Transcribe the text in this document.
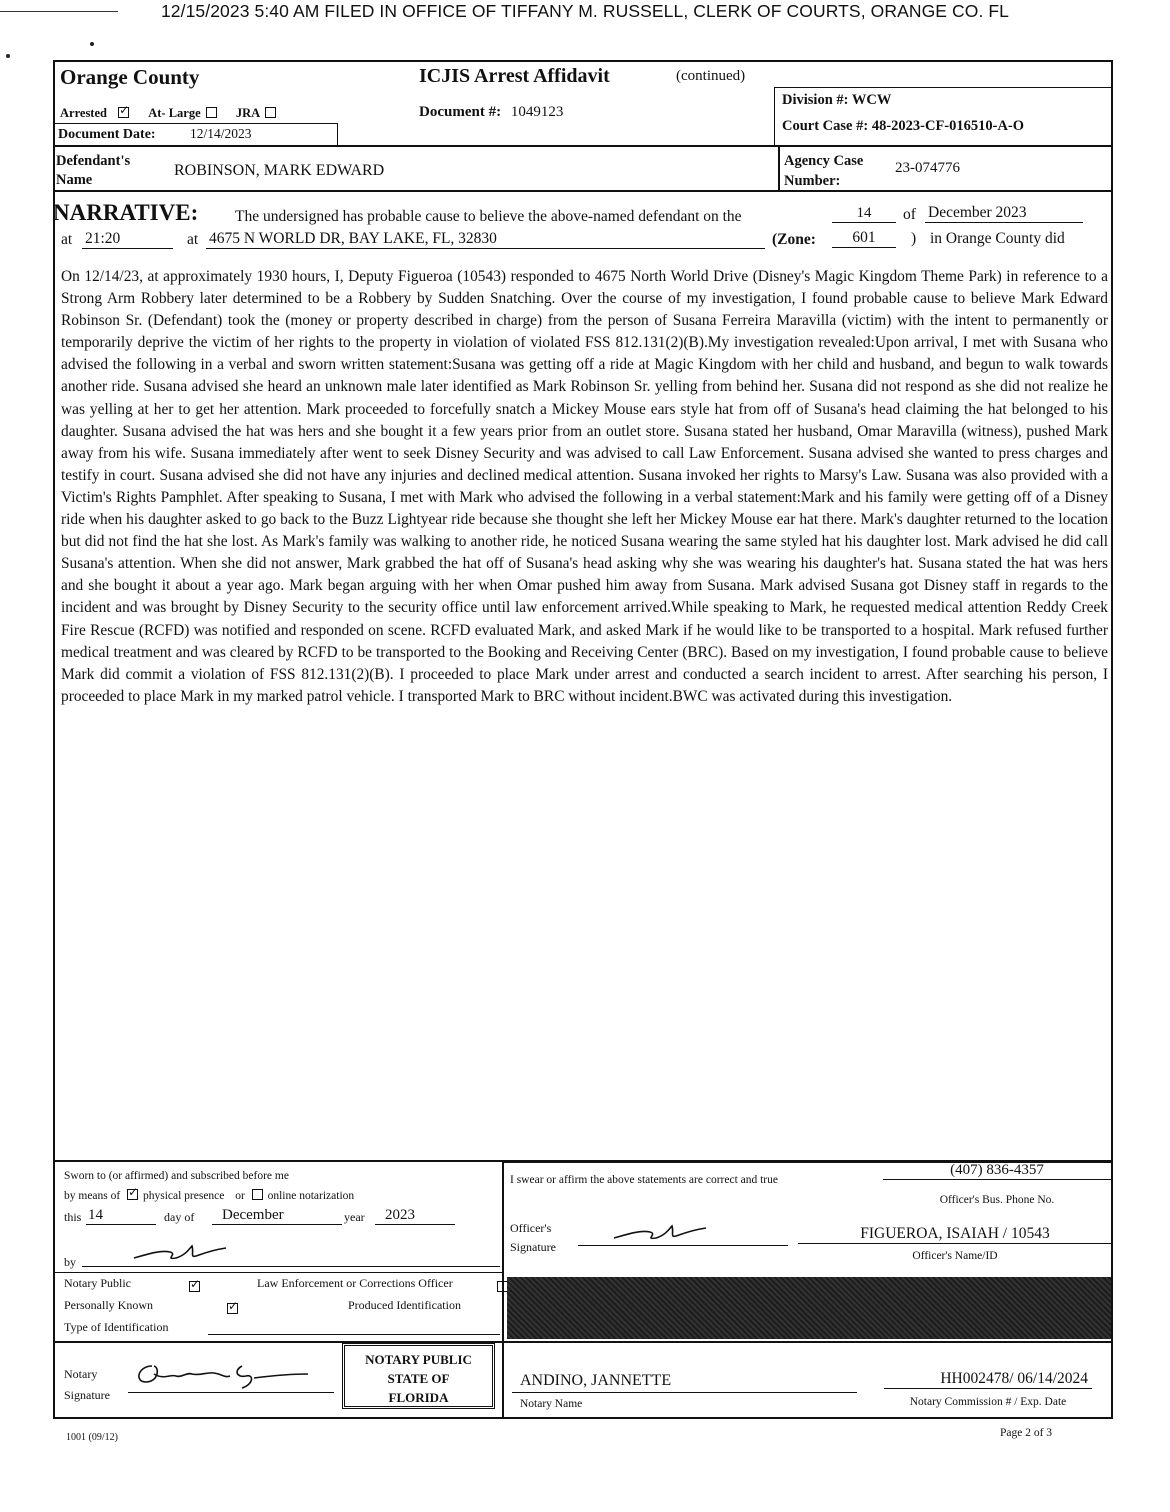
12/15/2023 5:40 AM FILED IN OFFICE OF TIFFANY M. RUSSELL, CLERK OF COURTS, ORANGE CO. FL
Orange County	ICJIS Arrest Affidavit	(continued)
Arrested ✓	At- Large	JRA	Document #: 1049123
Document Date:	12/14/2023
Division #: WCW
Court Case #: 48-2023-CF-016510-A-O
Defendant's
Name
ROBINSON, MARK EDWARD
Agency Case
Number:
23-074776
NARRATIVE: The undersigned has probable cause to believe the above-named defendant on the	14	of December 2023
at 21:20	at 4675 N WORLD DR, BAY LAKE, FL, 32830	(Zone:	601	) in Orange County did
On 12/14/23, at approximately 1930 hours, I, Deputy Figueroa (10543) responded to 4675 North World Drive (Disney's Magic Kingdom Theme Park) in reference to a Strong Arm Robbery later determined to be a Robbery by Sudden Snatching. Over the course of my investigation, I found probable cause to believe Mark Edward Robinson Sr. (Defendant) took the (money or property described in charge) from the person of Susana Ferreira Maravilla (victim) with the intent to permanently or temporarily deprive the victim of her rights to the property in violation of violated FSS 812.131(2)(B).My investigation revealed:Upon arrival, I met with Susana who advised the following in a verbal and sworn written statement:Susana was getting off a ride at Magic Kingdom with her child and husband, and begun to walk towards another ride. Susana advised she heard an unknown male later identified as Mark Robinson Sr. yelling from behind her. Susana did not respond as she did not realize he was yelling at her to get her attention. Mark proceeded to forcefully snatch a Mickey Mouse ears style hat from off of Susana's head claiming the hat belonged to his daughter. Susana advised the hat was hers and she bought it a few years prior from an outlet store. Susana stated her husband, Omar Maravilla (witness), pushed Mark away from his wife. Susana immediately after went to seek Disney Security and was advised to call Law Enforcement. Susana advised she wanted to press charges and testify in court. Susana advised she did not have any injuries and declined medical attention. Susana invoked her rights to Marsy's Law. Susana was also provided with a Victim's Rights Pamphlet. After speaking to Susana, I met with Mark who advised the following in a verbal statement:Mark and his family were getting off of a Disney ride when his daughter asked to go back to the Buzz Lightyear ride because she thought she left her Mickey Mouse ear hat there. Mark's daughter returned to the location but did not find the hat she lost. As Mark's family was walking to another ride, he noticed Susana wearing the same styled hat his daughter lost. Mark advised he did call Susana's attention. When she did not answer, Mark grabbed the hat off of Susana's head asking why she was wearing his daughter's hat. Susana stated the hat was hers and she bought it about a year ago. Mark began arguing with her when Omar pushed him away from Susana. Mark advised Susana got Disney staff in regards to the incident and was brought by Disney Security to the security office until law enforcement arrived.While speaking to Mark, he requested medical attention Reddy Creek Fire Rescue (RCFD) was notified and responded on scene. RCFD evaluated Mark, and asked Mark if he would like to be transported to a hospital. Mark refused further medical treatment and was cleared by RCFD to be transported to the Booking and Receiving Center (BRC). Based on my investigation, I found probable cause to believe Mark did commit a violation of FSS 812.131(2)(B). I proceeded to place Mark under arrest and conducted a search incident to arrest. After searching his person, I proceeded to place Mark in my marked patrol vehicle. I transported Mark to BRC without incident.BWC was activated during this investigation.
Sworn to (or affirmed) and subscribed before me
by means of ✓ physical presence or online notarization
this 14	day of	December	year	2023
by
Notary Public ✓	Law Enforcement or Corrections Officer

Personally Known
✓	Produced Identification
Type of Identification
Notary
Signature
NOTARY PUBLIC
STATE OF
FLORIDA
I swear or affirm the above statements are correct and true
(407) 836-4357
Officer's Bus. Phone No.
Officer's
Signature
FIGUEROA, ISAIAH / 10543
Officer's Name/ID
ANDINO, JANNETTE
Notary Name
HH002478/ 06/14/2024
Notary Commission # / Exp. Date
1001 (09/12)	Page 2 of 3
